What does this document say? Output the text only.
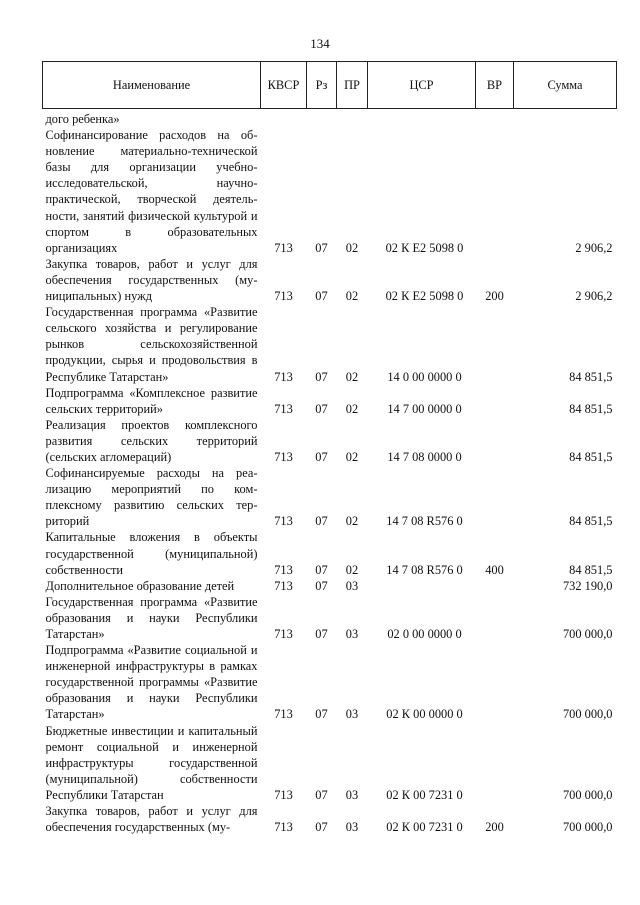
134
Наименование	КВСР	Рз	ПР	ЦСР	ВР	Сумма
дого ребенка»						
Софинансирование расходов на обновление материально-технической базы для организации учебно-исследовательской, научно-практической, творческой деятельности, занятий физической культурой и спортом в образовательных организациях	713	07	02	02 К Е2 5098 0		2 906,2
Закупка товаров, работ и услуг для обеспечения государственных (муниципальных) нужд	713	07	02	02 К Е2 5098 0	200	2 906,2
Государственная программа «Развитие сельского хозяйства и регулирование рынков сельскохозяйственной продукции, сырья и продовольствия в Республике Татарстан»	713	07	02	14 0 00 0000 0		84 851,5
Подпрограмма «Комплексное развитие сельских территорий»	713	07	02	14 7 00 0000 0		84 851,5
Реализация проектов комплексного развития сельских территорий (сельских агломераций)	713	07	02	14 7 08 0000 0		84 851,5
Софинансируемые расходы на реализацию мероприятий по комплексному развитию сельских территорий	713	07	02	14 7 08 R576 0		84 851,5
Капитальные вложения в объекты государственной (муниципальной) собственности	713	07	02	14 7 08 R576 0	400	84 851,5
Дополнительное образование детей	713	07	03			732 190,0
Государственная программа «Развитие образования и науки Республики Татарстан»	713	07	03	02 0 00 0000 0		700 000,0
Подпрограмма «Развитие социальной и инженерной инфраструктуры в рамках государственной программы «Развитие образования и науки Республики Татарстан»	713	07	03	02 К 00 0000 0		700 000,0
Бюджетные инвестиции и капитальный ремонт социальной и инженерной инфраструктуры государственной (муниципальной) собственности Республики Татарстан	713	07	03	02 К 00 7231 0		700 000,0
Закупка товаров, работ и услуг для обеспечения государственных (му-	713	07	03	02 К 00 7231 0	200	700 000,0
